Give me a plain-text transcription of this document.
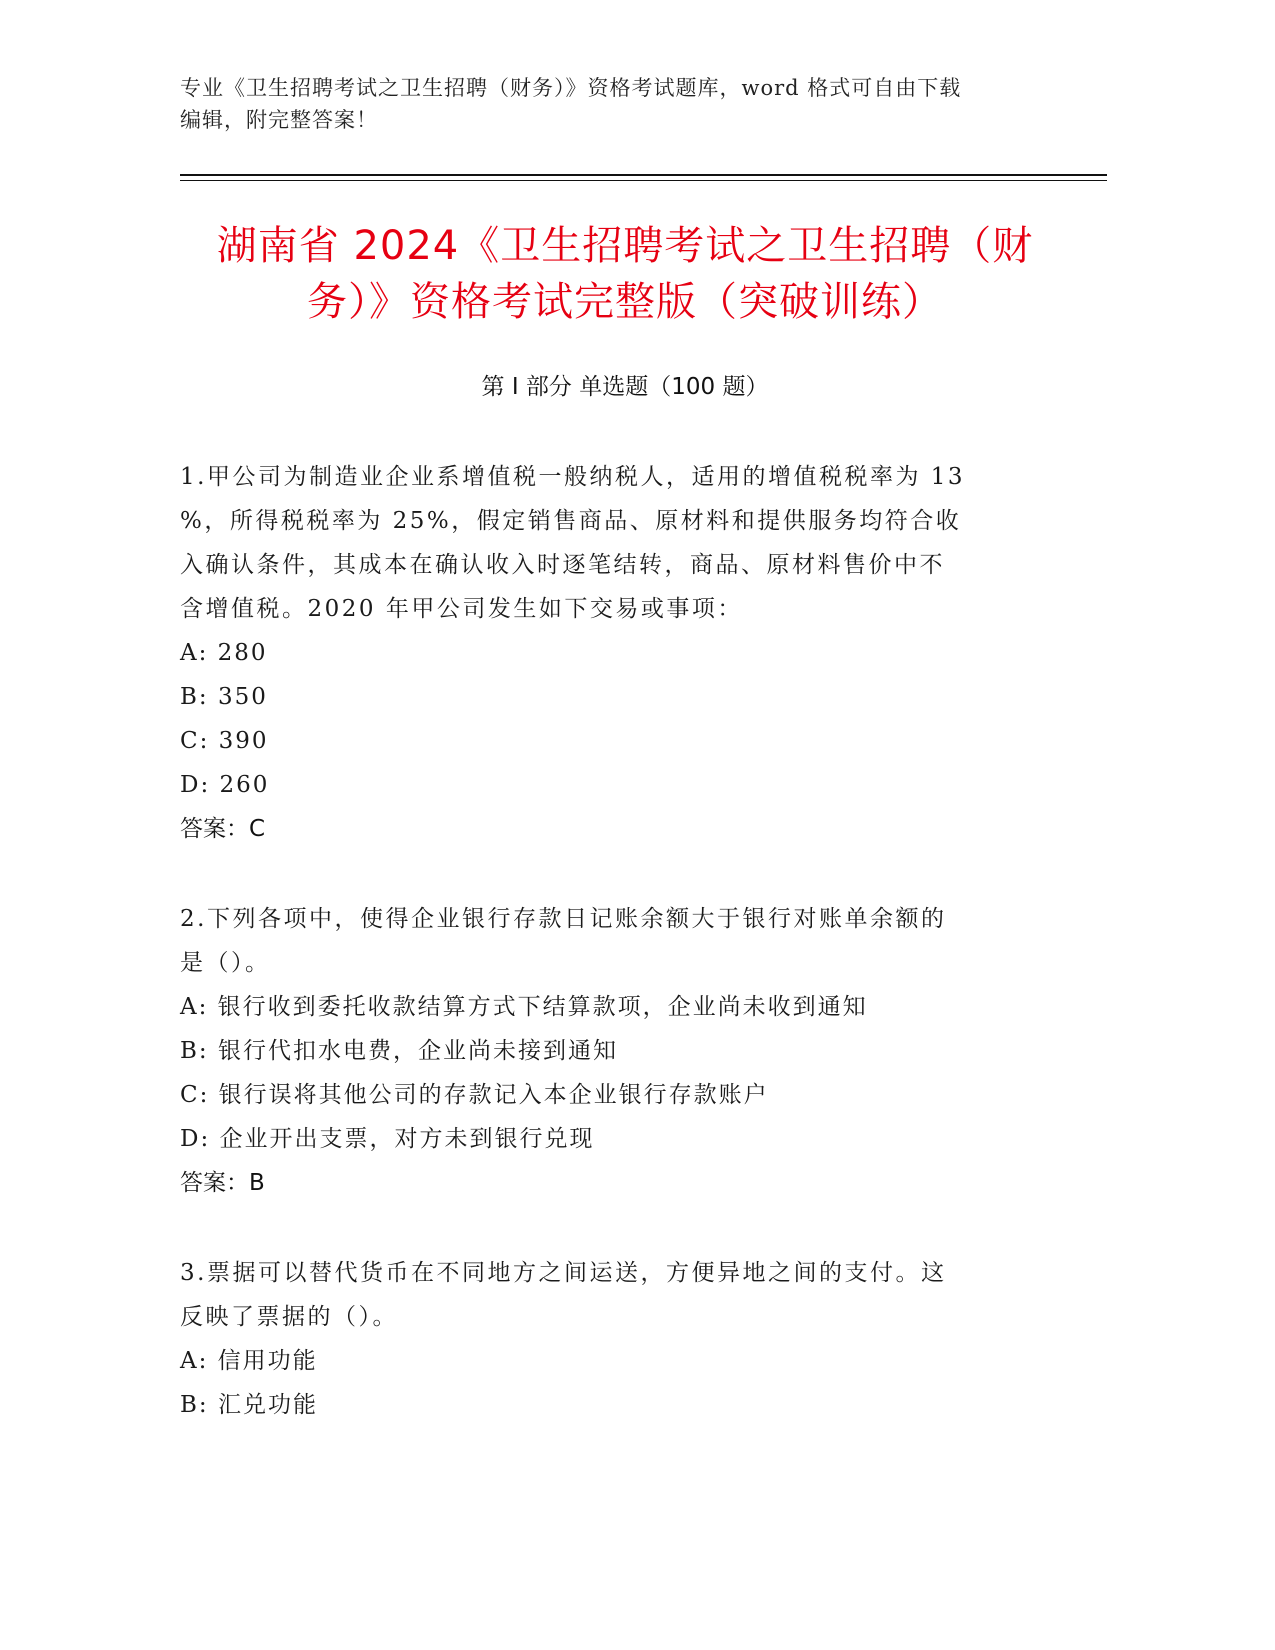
专业《卫生招聘考试之卫生招聘（财务）》资格考试题库，word 格式可自由下载
编辑，附完整答案！
湖南省 2024《卫生招聘考试之卫生招聘（财
务）》资格考试完整版（突破训练）
第 I 部分 单选题（100 题）

1.甲公司为制造业企业系增值税一般纳税人，适用的增值税税率为 13

%，所得税税率为 25%，假定销售商品、原材料和提供服务均符合收

入确认条件，其成本在确认收入时逐笔结转，商品、原材料售价中不

含增值税。2020 年甲公司发生如下交易或事项：

A: 280

B: 350

C: 390

D: 260

答案：C

2.下列各项中，使得企业银行存款日记账余额大于银行对账单余额的

是（）。

A: 银行收到委托收款结算方式下结算款项，企业尚未收到通知

B: 银行代扣水电费，企业尚未接到通知

C: 银行误将其他公司的存款记入本企业银行存款账户

D: 企业开出支票，对方未到银行兑现

答案：B

3.票据可以替代货币在不同地方之间运送，方便异地之间的支付。这

反映了票据的（）。

A: 信用功能

B: 汇兑功能
